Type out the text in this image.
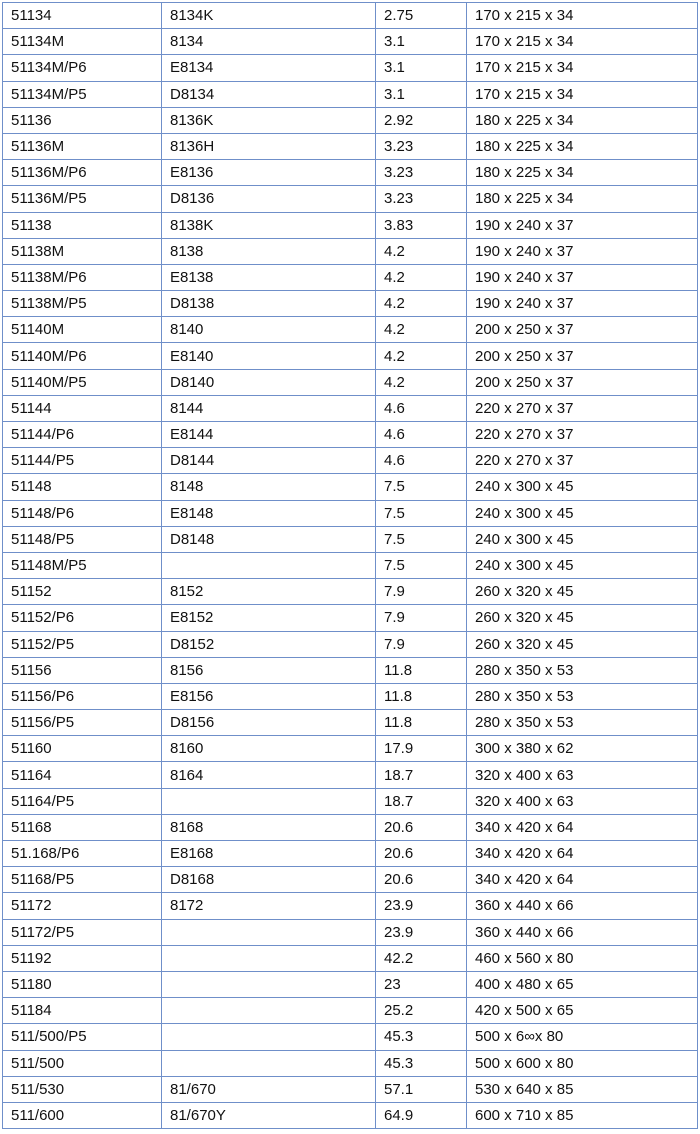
51134	8134K	2.75	170 x 215 x 34
51134M	8134	3.1	170 x 215 x 34
51134M/P6	E8134	3.1	170 x 215 x 34
51134M/P5	D8134	3.1	170 x 215 x 34
51136	8136K	2.92	180 x 225 x 34
51136M	8136H	3.23	180 x 225 x 34
51136M/P6	E8136	3.23	180 x 225 x 34
51136M/P5	D8136	3.23	180 x 225 x 34
51138	8138K	3.83	190 x 240 x 37
51138M	8138	4.2	190 x 240 x 37
51138M/P6	E8138	4.2	190 x 240 x 37
51138M/P5	D8138	4.2	190 x 240 x 37
51140M	8140	4.2	200 x 250 x 37
51140M/P6	E8140	4.2	200 x 250 x 37
51140M/P5	D8140	4.2	200 x 250 x 37
51144	8144	4.6	220 x 270 x 37
51144/P6	E8144	4.6	220 x 270 x 37
51144/P5	D8144	4.6	220 x 270 x 37
51148	8148	7.5	240 x 300 x 45
51148/P6	E8148	7.5	240 x 300 x 45
51148/P5	D8148	7.5	240 x 300 x 45
51148M/P5		7.5	240 x 300 x 45
51152	8152	7.9	260 x 320 x 45
51152/P6	E8152	7.9	260 x 320 x 45
51152/P5	D8152	7.9	260 x 320 x 45
51156	8156	11.8	280 x 350 x 53
51156/P6	E8156	11.8	280 x 350 x 53
51156/P5	D8156	11.8	280 x 350 x 53
51160	8160	17.9	300 x 380 x 62
51164	8164	18.7	320 x 400 x 63
51164/P5		18.7	320 x 400 x 63
51168	8168	20.6	340 x 420 x 64
51.168/P6	E8168	20.6	340 x 420 x 64
51168/P5	D8168	20.6	340 x 420 x 64
51172	8172	23.9	360 x 440 x 66
51172/P5		23.9	360 x 440 x 66
51192		42.2	460 x 560 x 80
51180		23	400 x 480 x 65
51184		25.2	420 x 500 x 65
511/500/P5		45.3	500 x 6∞x 80
511/500		45.3	500 x 600 x 80
511/530	81/670	57.1	530 x 640 x 85
511/600	81/670Y	64.9	600 x 710 x 85
